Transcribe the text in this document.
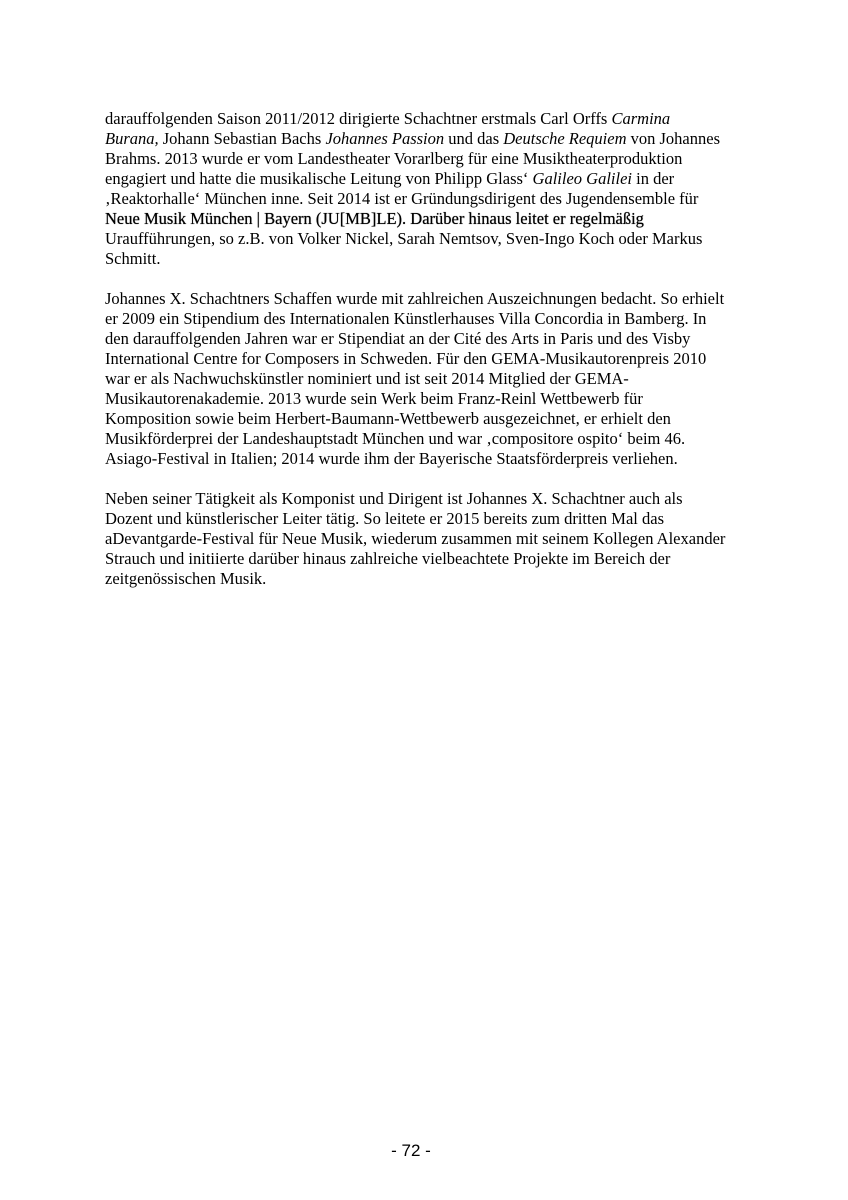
darauffolgenden Saison 2011/2012 dirigierte Schachtner erstmals Carl Orffs Carmina
Burana, Johann Sebastian Bachs Johannes Passion und das Deutsche Requiem von Johannes
Brahms. 2013 wurde er vom Landestheater Vorarlberg für eine Musiktheaterproduktion
engagiert und hatte die musikalische Leitung von Philipp Glass‘ Galileo Galilei in der
‚Reaktorhalle‘ München inne. Seit 2014 ist er Gründungsdirigent des Jugendensemble für
Neue Musik München | Bayern (JU[MB]LE). Darüber hinaus leitet er regelmäßig
Uraufführungen, so z.B. von Volker Nickel, Sarah Nemtsov, Sven-Ingo Koch oder Markus
Schmitt.
Johannes X. Schachtners Schaffen wurde mit zahlreichen Auszeichnungen bedacht. So erhielt
er 2009 ein Stipendium des Internationalen Künstlerhauses Villa Concordia in Bamberg. In
den darauffolgenden Jahren war er Stipendiat an der Cité des Arts in Paris und des Visby
International Centre for Composers in Schweden. Für den GEMA-Musikautorenpreis 2010
war er als Nachwuchskünstler nominiert und ist seit 2014 Mitglied der GEMA-
Musikautorenakademie. 2013 wurde sein Werk beim Franz-Reinl Wettbewerb für
Komposition sowie beim Herbert-Baumann-Wettbewerb ausgezeichnet, er erhielt den
Musikförderprei der Landeshauptstadt München und war ‚compositore ospito‘ beim 46.
Asiago-Festival in Italien; 2014 wurde ihm der Bayerische Staatsförderpreis verliehen.
Neben seiner Tätigkeit als Komponist und Dirigent ist Johannes X. Schachtner auch als
Dozent und künstlerischer Leiter tätig. So leitete er 2015 bereits zum dritten Mal das
aDevantgarde-Festival für Neue Musik, wiederum zusammen mit seinem Kollegen Alexander
Strauch und initiierte darüber hinaus zahlreiche vielbeachtete Projekte im Bereich der
zeitgenössischen Musik.
- 72 -
